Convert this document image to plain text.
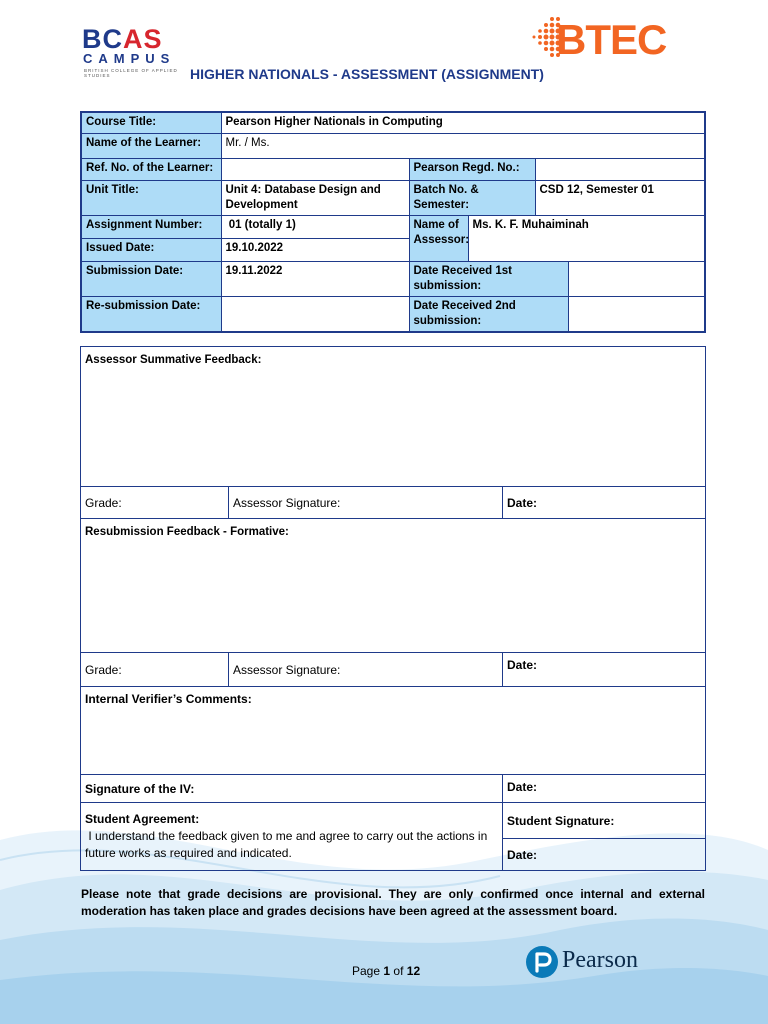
BCAS
CAMPUS
BRITISH COLLEGE OF APPLIED STUDIES
BTEC
HIGHER NATIONALS - ASSESSMENT (ASSIGNMENT)
Course Title:	Pearson Higher Nationals in Computing				
Name of the Learner:	Mr. / Ms.				
Ref. No. of the Learner:		Pearson Regd. No.:			
Unit Title:	Unit 4: Database Design and Development	Batch No. & Semester:		CSD 12, Semester 01	
Assignment Number:	01 (totally 1)	Name of Assessor:	Ms. K. F. Muhaiminah		
Issued Date:	19.10.2022				
Submission Date:	19.11.2022	Date Received 1st submission:			
Re-submission Date:		Date Received 2nd submission:			
Assessor Summative Feedback:		
Grade:	Assessor Signature:	Date:
Resubmission Feedback - Formative:		
Grade:	Assessor Signature:	Date:
Internal Verifier’s Comments:		
Signature of the IV:		Date:

Student Agreement:
I understand the feedback given to me and agree to carry out the actions in future works as required and indicated.		Student Signature:
		Date:
Please note that grade decisions are provisional. They are only confirmed once internal and external moderation has taken place and grades decisions have been agreed at the assessment board.
Page 1 of 12	Pearson
